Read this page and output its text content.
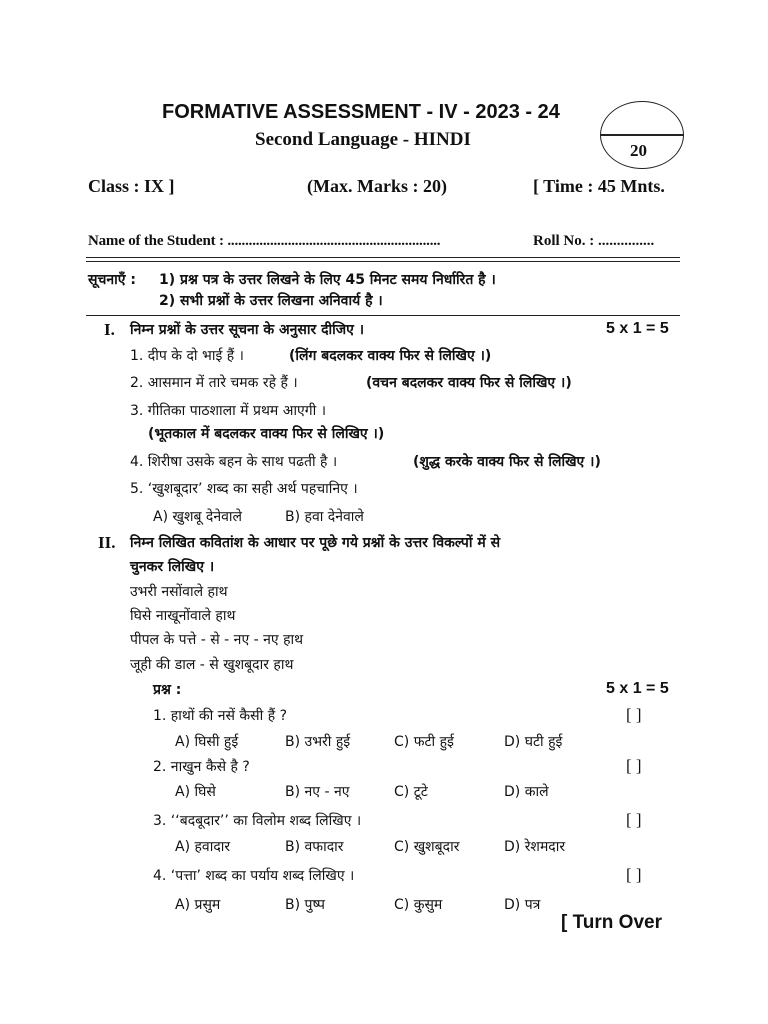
FORMATIVE ASSESSMENT - IV - 2023 - 24
Second Language - HINDI
20
Class : IX ]	(Max. Marks : 20)	[ Time : 45 Mnts.
Name of the Student : ............................................................	Roll No. : ...............
सूचनाएँ : 1) प्रश्न पत्र के उत्तर लिखने के लिए 45 मिनट समय निर्धारित है ।
2) सभी प्रश्नों के उत्तर लिखना अनिवार्य है ।
I. निम्न प्रश्नों के उत्तर सूचना के अनुसार दीजिए ।	5 x 1 = 5
1. दीप के दो भाई हैं ।	(लिंग बदलकर वाक्य फिर से लिखिए ।)
2. आसमान में तारे चमक रहे हैं ।	(वचन बदलकर वाक्य फिर से लिखिए ।)
3. गीतिका पाठशाला में प्रथम आएगी ।
(भूतकाल में बदलकर वाक्य फिर से लिखिए ।)
4. शिरीषा उसके बहन के साथ पढती है ।	(शुद्ध करके वाक्य फिर से लिखिए ।)
5. ‘खुशबूदार’ शब्द का सही अर्थ पहचानिए ।
A) खुशबू देनेवाले	B) हवा देनेवाले
II. निम्न लिखित कवितांश के आधार पर पूछे गये प्रश्नों के उत्तर विकल्पों में से
चुनकर लिखिए ।
उभरी नसोंवाले हाथ
घिसे नाखूनोंवाले हाथ
पीपल के पत्ते - से - नए - नए हाथ
जूही की डाल - से खुशबूदार हाथ
प्रश्न :	5 x 1 = 5
1. हाथों की नसें कैसी हैं ?	[ ]
A) घिसी हुई	B) उभरी हुई	C) फटी हुई	D) घटी हुई
2. नाखुन कैसे है ?	[ ]
A) घिसे	B) नए - नए	C) टूटे	D) काले
3. ‘‘बदबूदार’’ का विलोम शब्द लिखिए ।	[ ]
A) हवादार	B) वफादार	C) खुशबूदार	D) रेशमदार
4. ‘पत्ता’ शब्द का पर्याय शब्द लिखिए ।	[ ]
A) प्रसुम	B) पुष्प	C) कुसुम	D) पत्र
[ Turn Over
